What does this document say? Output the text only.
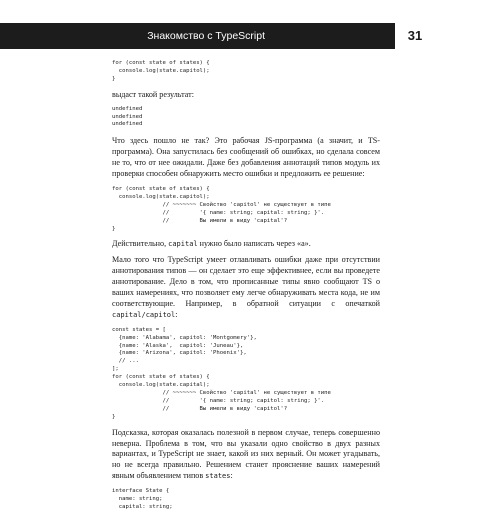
Знакомство с TypeScript	31
for (const state of states) {
console.log(state.capitol);
}

выдаст такой результат:

undefined
undefined
undefined

Что здесь пошло не так? Это рабочая JS-программа (а значит, и TS-программа). Она запустилась без сообщений об ошибках, но сделала совсем не то, что от нее ожидали. Даже без добавления аннотаций типов модуль их проверки способен обнаружить место ошибки и предложить ее решение:

for (const state of states) {
console.log(state.capitol);
// ~~~~~~~ Свойство 'capitol' не существует в типе
//         '{ name: string; capital: string; }'.
//         Вы имели в виду 'capital'?
}

Действительно, capital нужно было написать через «а».

Мало того что TypeScript умеет отлавливать ошибки даже при отсутствии аннотирования типов — он сделает это еще эффективнее, если вы проведете аннотирование. Дело в том, что прописанные типы явно сообщают TS о ваших намерениях, что позволяет ему легче обнаруживать места кода, не им соответствующие. Например, в обратной ситуации с опечаткой capital/capitol:

const states = [
{name: 'Alabama', capitol: 'Montgomery'},
{name: 'Alaska',  capitol: 'Juneau'},
{name: 'Arizona', capitol: 'Phoenix'},
// ...
];
for (const state of states) {
console.log(state.capital);
// ~~~~~~~ Свойство 'capital' не существует в типе
//         '{ name: string; capitol: string; }'.
//         Вы имели в виду 'capitol'?
}

Подсказка, которая оказалась полезной в первом случае, теперь совершенно неверна. Проблема в том, что вы указали одно свойство в двух разных вариантах, и TypeScript не знает, какой из них верный. Он может угадывать, но не всегда правильно. Решением станет прояснение ваших намерений явным объявлением типов states:

interface State {
name: string;
capital: string;
